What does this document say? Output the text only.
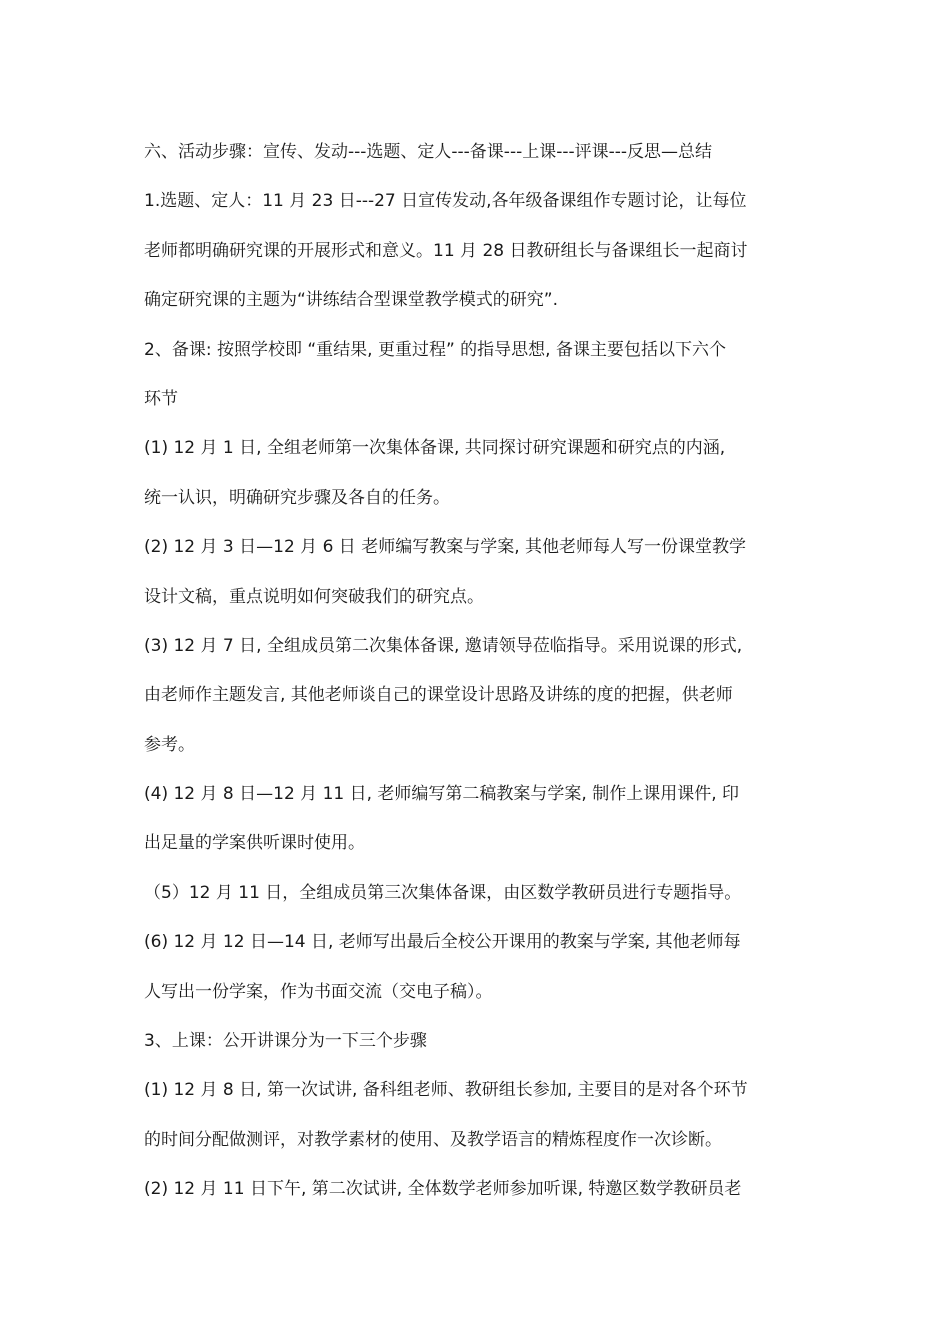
六、活动步骤：宣传、发动---选题、定人---备课---上课---评课---反思—总结
1.选题、定人：11 月 23 日---27 日宣传发动,各年级备课组作专题讨论，让每位
老师都明确研究课的开展形式和意义。11 月 28 日教研组长与备课组长一起商讨
确定研究课的主题为“讲练结合型课堂教学模式的研究”.
2、备课: 按照学校即 “重结果, 更重过程” 的指导思想, 备课主要包括以下六个
环节
(1) 12 月 1 日, 全组老师第一次集体备课, 共同探讨研究课题和研究点的内涵,
统一认识，明确研究步骤及各自的任务。
(2) 12 月 3 日—12 月 6 日 老师编写教案与学案, 其他老师每人写一份课堂教学
设计文稿，重点说明如何突破我们的研究点。
(3) 12 月 7 日, 全组成员第二次集体备课, 邀请领导莅临指导。采用说课的形式,
由老师作主题发言, 其他老师谈自己的课堂设计思路及讲练的度的把握，供老师
参考。
(4) 12 月 8 日—12 月 11 日, 老师编写第二稿教案与学案, 制作上课用课件, 印
出足量的学案供听课时使用。
（5）12 月 11 日，全组成员第三次集体备课，由区数学教研员进行专题指导。
(6) 12 月 12 日—14 日, 老师写出最后全校公开课用的教案与学案, 其他老师每
人写出一份学案，作为书面交流（交电子稿）。
3、上课：公开讲课分为一下三个步骤
(1) 12 月 8 日, 第一次试讲, 备科组老师、教研组长参加, 主要目的是对各个环节
的时间分配做测评，对教学素材的使用、及教学语言的精炼程度作一次诊断。
(2) 12 月 11 日下午, 第二次试讲, 全体数学老师参加听课, 特邀区数学教研员老
